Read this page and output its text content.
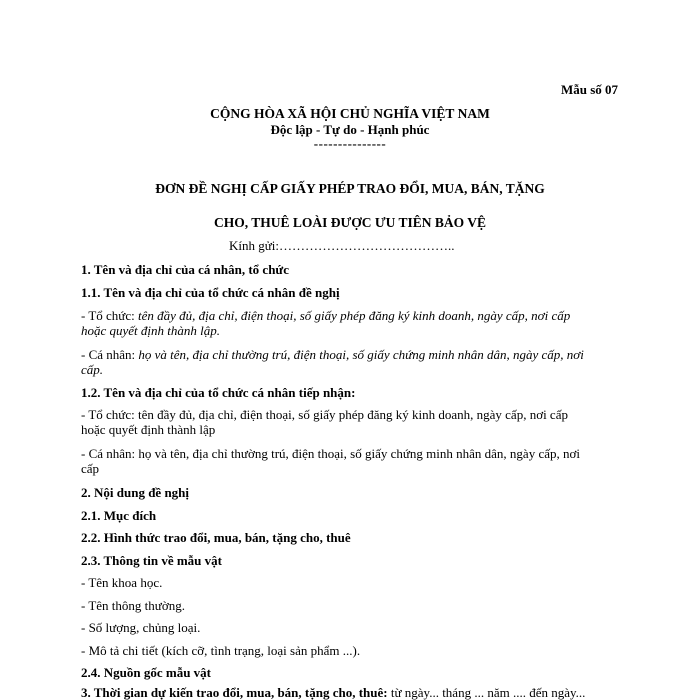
Mẫu số 07
CỘNG HÒA XÃ HỘI CHỦ NGHĨA VIỆT NAM
Độc lập - Tự do - Hạnh phúc
---------------
ĐƠN ĐỀ NGHỊ CẤP GIẤY PHÉP TRAO ĐỔI, MUA, BÁN, TẶNG
CHO, THUÊ LOÀI ĐƯỢC ƯU TIÊN BẢO VỆ
Kính gửi:…………………………………..
1. Tên và địa chỉ của cá nhân, tổ chức
1.1. Tên và địa chỉ của tổ chức cá nhân đề nghị
- Tổ chức: tên đầy đủ, địa chỉ, điện thoại, số giấy phép đăng ký kinh doanh, ngày cấp, nơi cấp
hoặc quyết định thành lập.
- Cá nhân: họ và tên, địa chỉ thường trú, điện thoại, số giấy chứng minh nhân dân, ngày cấp, nơi
cấp.
1.2. Tên và địa chỉ của tổ chức cá nhân tiếp nhận:
- Tổ chức: tên đầy đủ, địa chỉ, điện thoại, số giấy phép đăng ký kinh doanh, ngày cấp, nơi cấp
hoặc quyết định thành lập
- Cá nhân: họ và tên, địa chỉ thường trú, điện thoại, số giấy chứng minh nhân dân, ngày cấp, nơi
cấp
2. Nội dung đề nghị
2.1. Mục đích
2.2. Hình thức trao đổi, mua, bán, tặng cho, thuê
2.3. Thông tin về mẫu vật
- Tên khoa học.
- Tên thông thường.
- Số lượng, chủng loại.
- Mô tả chi tiết (kích cỡ, tình trạng, loại sản phẩm ...).
2.4. Nguồn gốc mẫu vật
3. Thời gian dự kiến trao đổi, mua, bán, tặng cho, thuê: từ ngày... tháng ... năm .... đến ngày...
